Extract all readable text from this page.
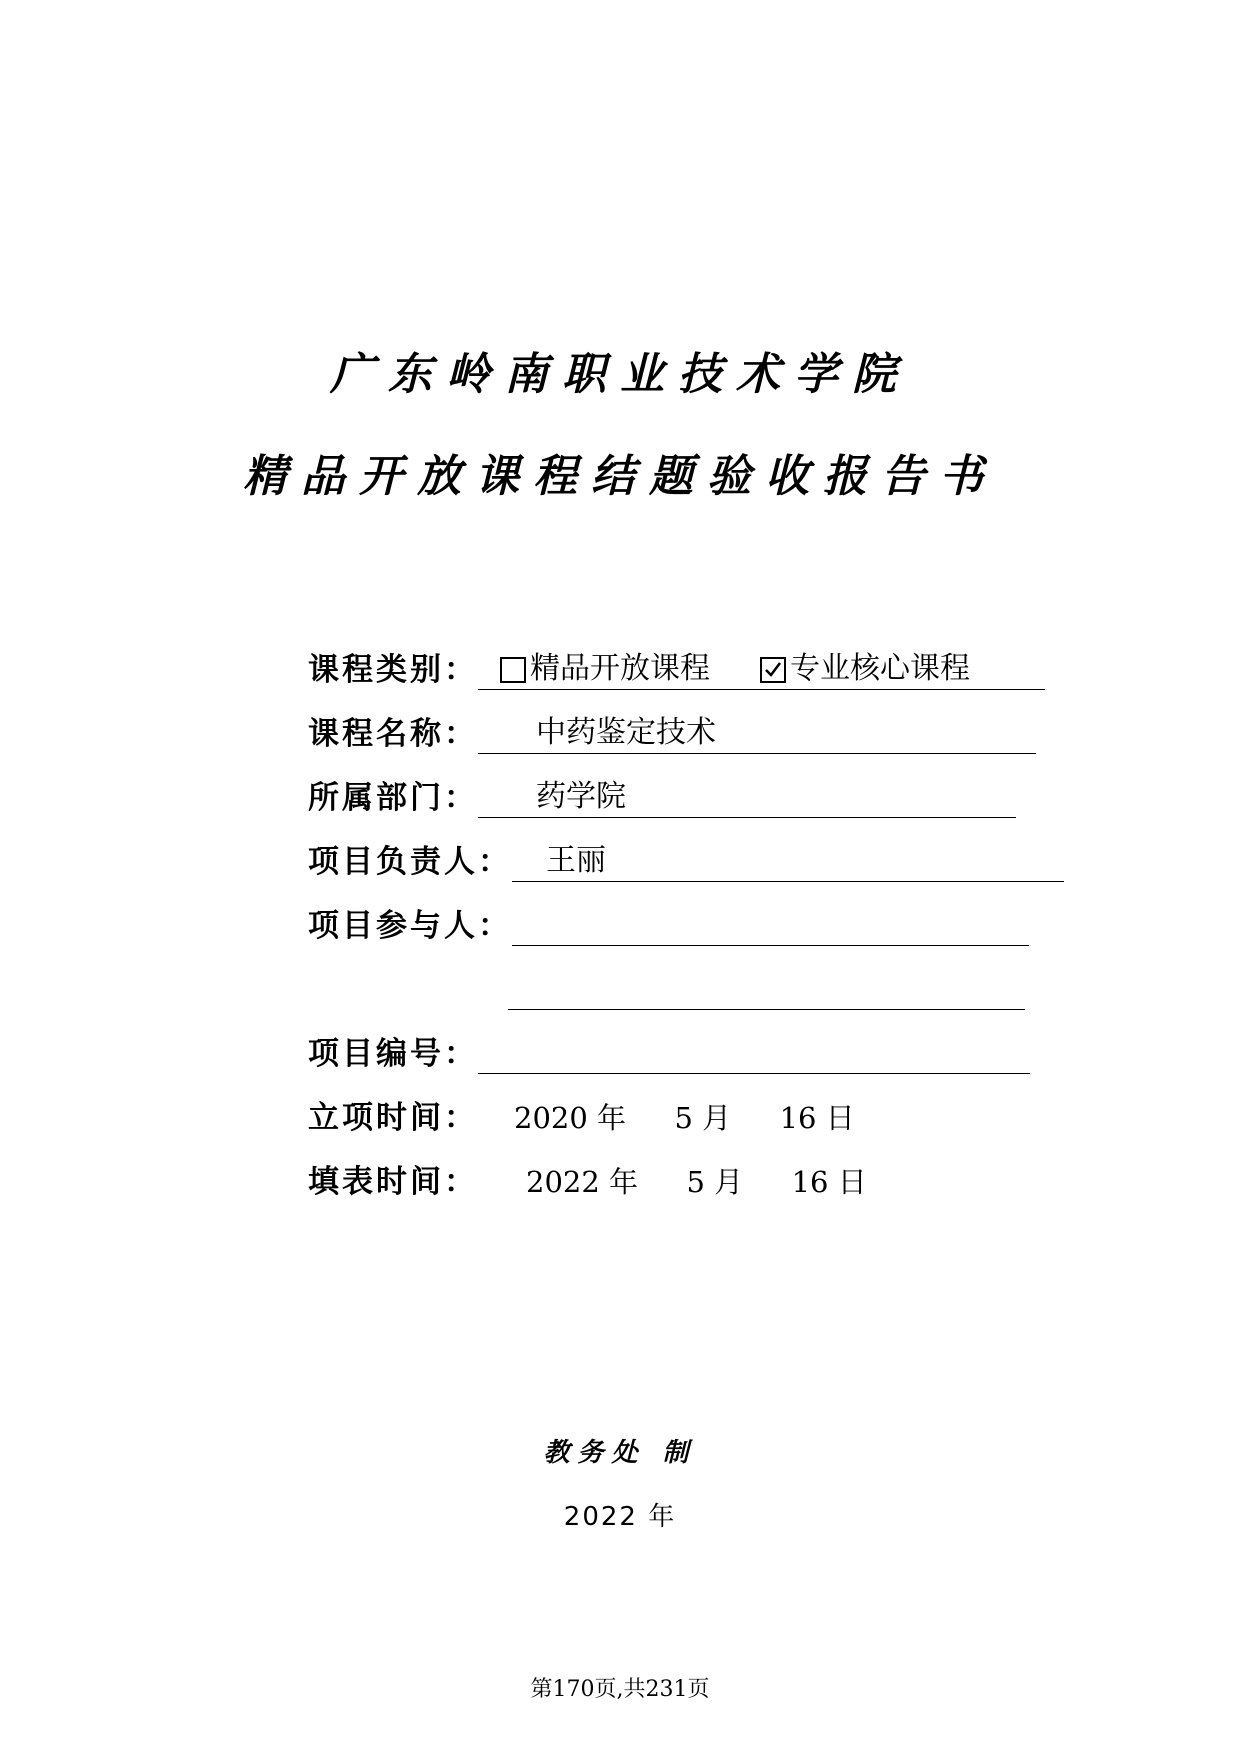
广东岭南职业技术学院
精品开放课程结题验收报告书
课程类别： 精品开放课程	专业核心课程
课程名称： 中药鉴定技术
所属部门： 药学院
项目负责人： 王丽
项目参与人：
项目编号：
立项时间：	2020 年 5 月 16 日
填表时间：	2022 年 5 月 16 日
教务处 制
2022 年
第170页,共231页
